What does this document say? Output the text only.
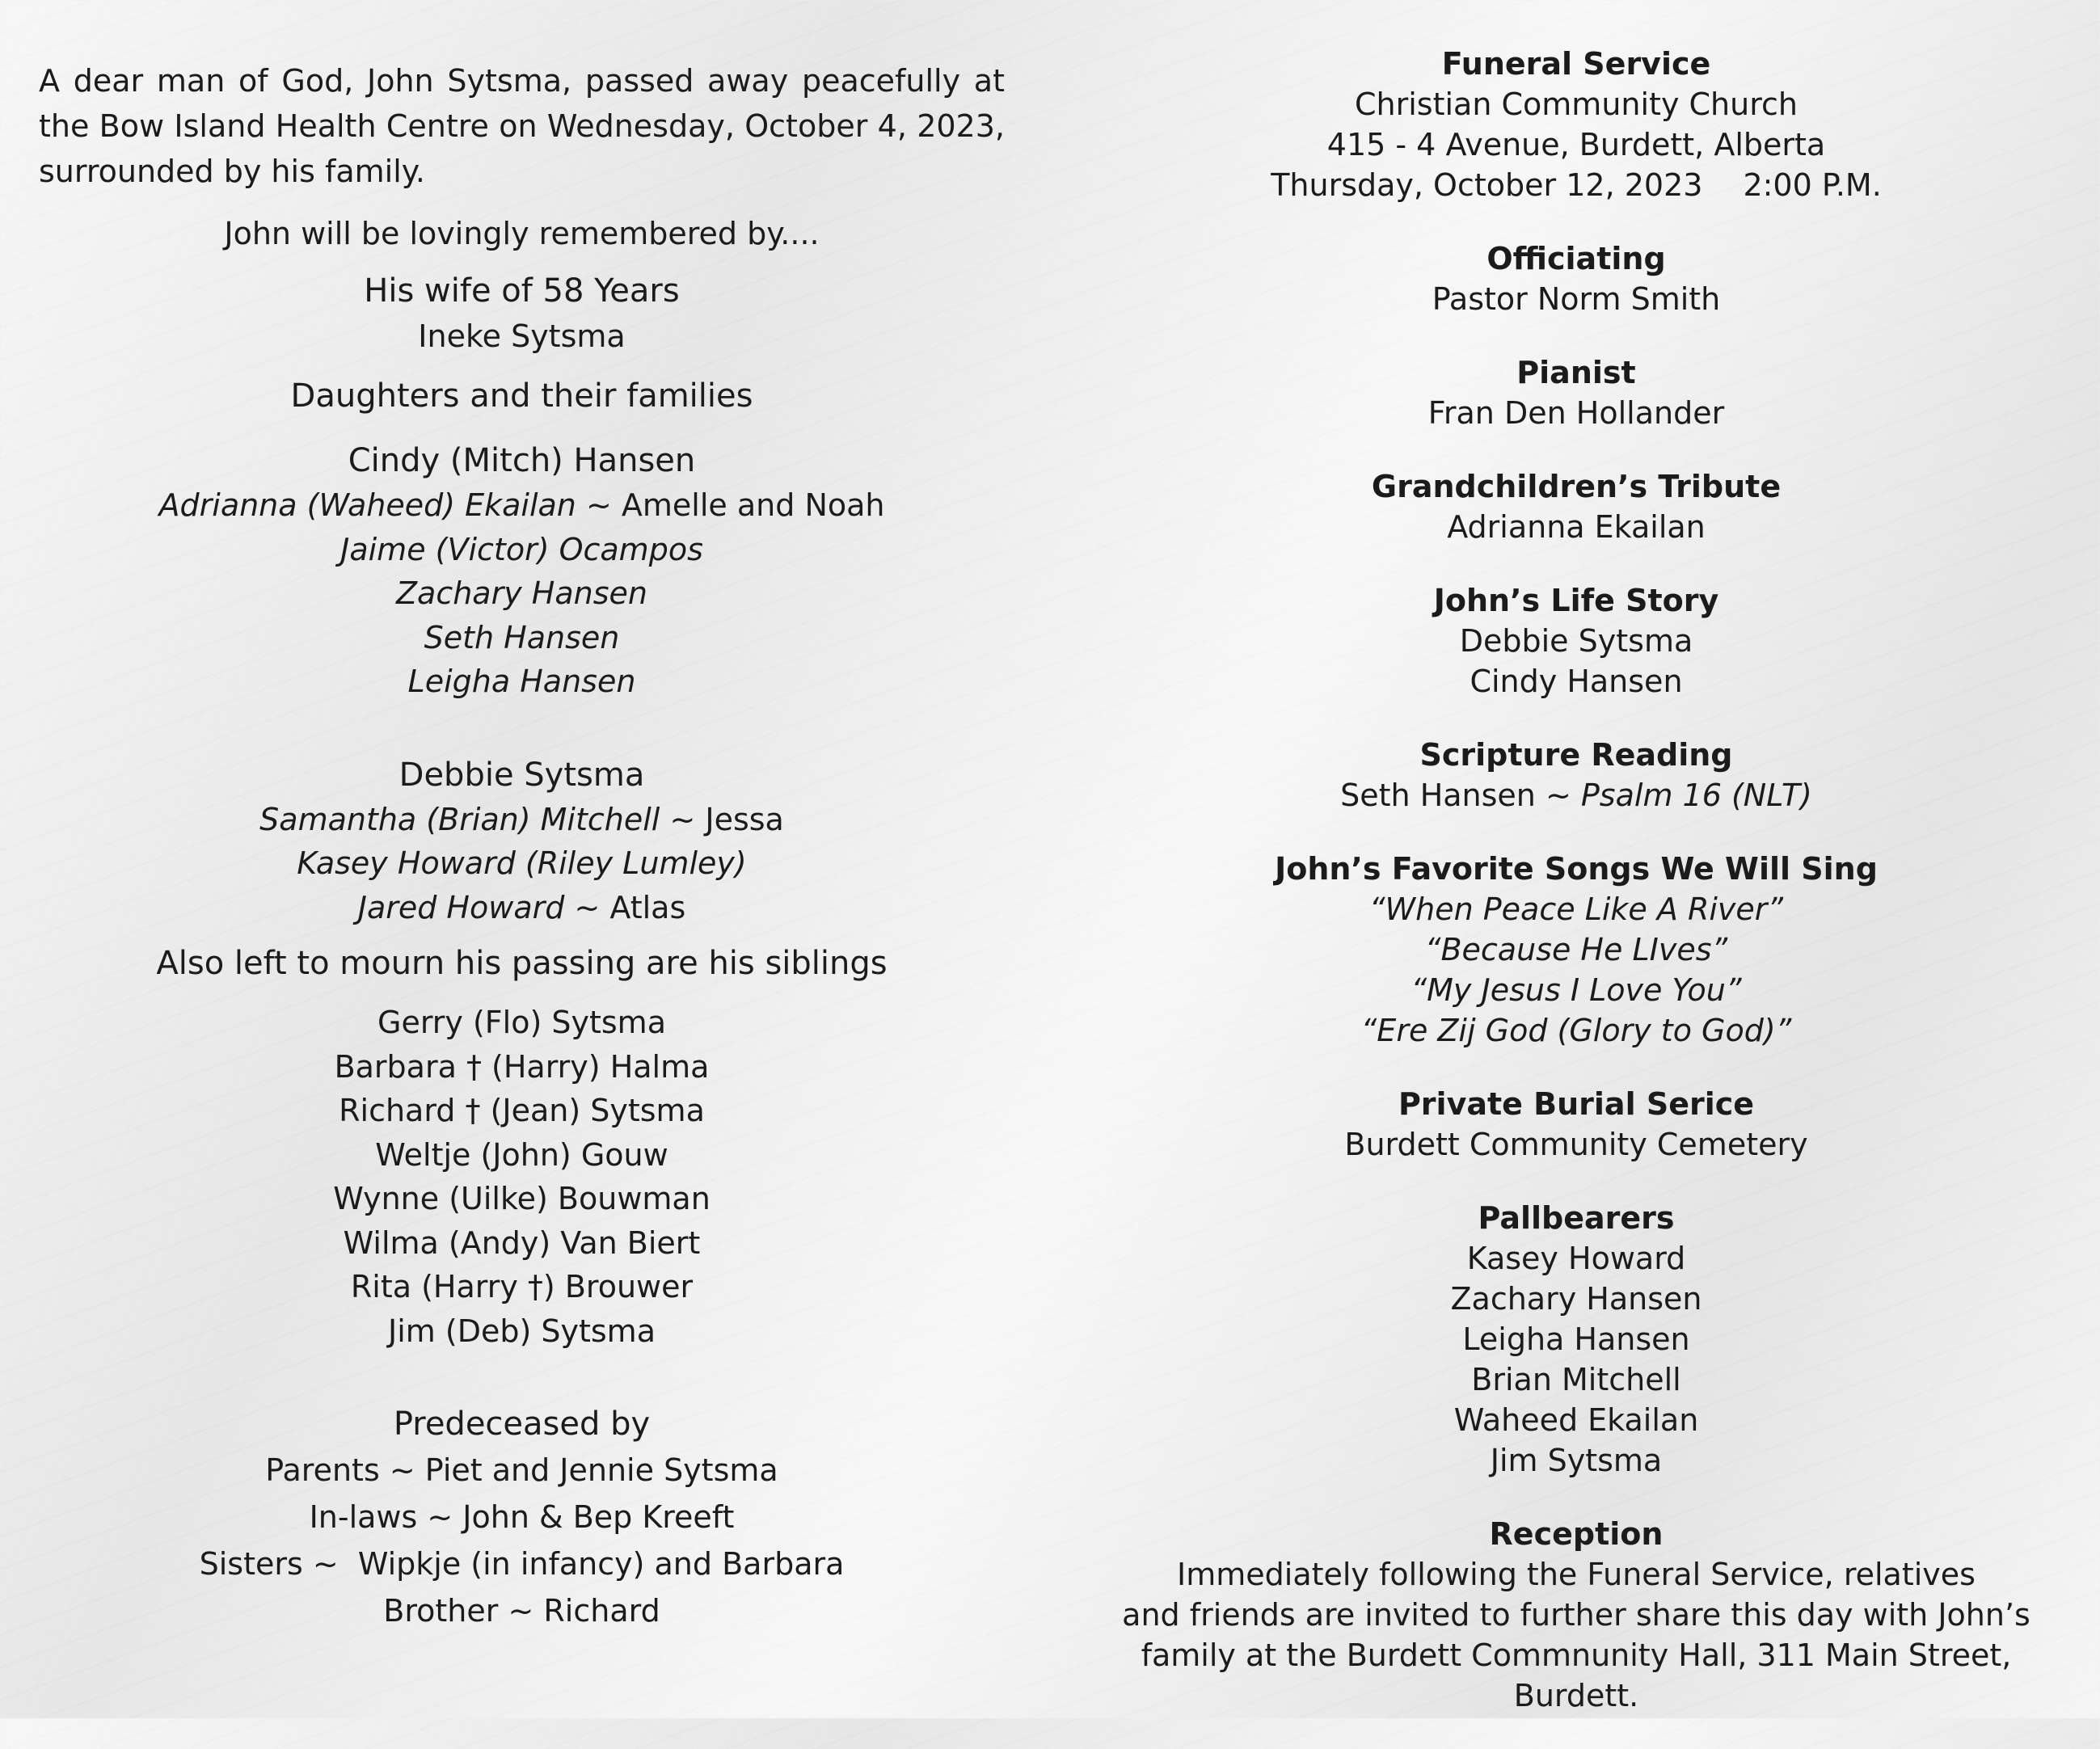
A dear man of God, John Sytsma, passed away peacefully at the Bow Island Health Centre on Wednesday, October 4, 2023, surrounded by his family.

John will be lovingly remembered by....

His wife of 58 Years
Ineke Sytsma
Daughters and their families
Cindy (Mitch) Hansen
Adrianna (Waheed) Ekailan ~ Amelle and Noah
Jaime (Victor) Ocampos
Zachary Hansen
Seth Hansen
Leigha Hansen
Debbie Sytsma
Samantha (Brian) Mitchell ~ Jessa
Kasey Howard (Riley Lumley)
Jared Howard ~ Atlas
Also left to mourn his passing are his siblings
Gerry (Flo) Sytsma
Barbara † (Harry) Halma
Richard † (Jean) Sytsma
Weltje (John) Gouw
Wynne (Uilke) Bouwman
Wilma (Andy) Van Biert
Rita (Harry †) Brouwer
Jim (Deb) Sytsma
Predeceased by
Parents ~ Piet and Jennie Sytsma
In-laws ~ John & Bep Kreeft
Sisters ~  Wipkje (in infancy) and Barbara
Brother ~ Richard
Funeral Service
Christian Community Church
415 - 4 Avenue, Burdett, Alberta
Thursday, October 12, 2023 2:00 P.M.
Officiating
Pastor Norm Smith
Pianist
Fran Den Hollander
Grandchildren’s Tribute
Adrianna Ekailan
John’s Life Story
Debbie Sytsma
Cindy Hansen
Scripture Reading
Seth Hansen ~ Psalm 16 (NLT)
John’s Favorite Songs We Will Sing
“When Peace Like A River”
“Because He LIves”
“My Jesus I Love You”
“Ere Zij God (Glory to God)”
Private Burial Serice
Burdett Community Cemetery
Pallbearers
Kasey Howard
Zachary Hansen
Leigha Hansen
Brian Mitchell
Waheed Ekailan
Jim Sytsma
Reception
Immediately following the Funeral Service, relatives
and friends are invited to further share this day with John’s
family at the Burdett Commnunity Hall, 311 Main Street, Burdett.
